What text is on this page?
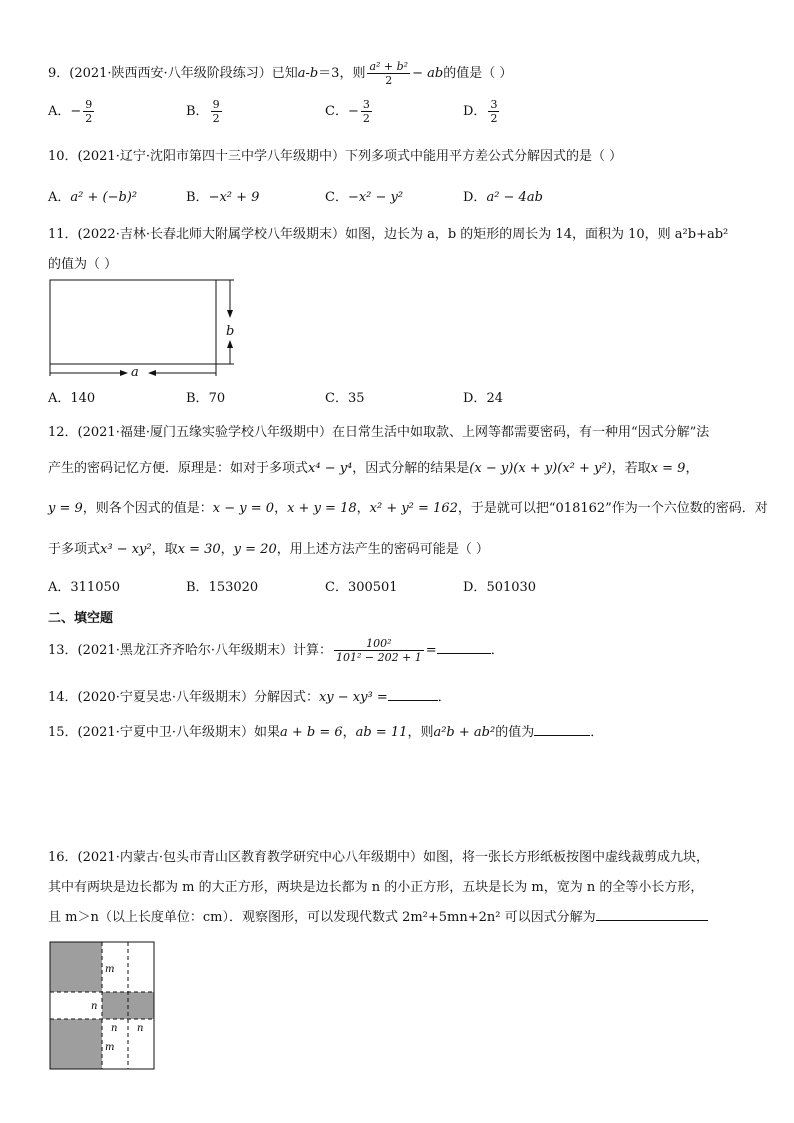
9．(2021·陕西西安·八年级阶段练习）已知a-b＝3，则 $\frac{\text{a² + b²}}{2}$ − ab的值是（ ）
A．− $\frac{9}{2}$	B． $\frac{9}{2}$	C．− $\frac{3}{2}$	D． $\frac{3}{2}$
10．(2021·辽宁·沈阳市第四十三中学八年级期中）下列多项式中能用平方差公式分解因式的是（ ）
A．a² + (−b)²	B．−x² + 9	C．−x² − y²	D．a² − 4ab
11．(2022·吉林·长春北师大附属学校八年级期末）如图，边长为 a，b 的矩形的周长为 14，面积为 10，则 a²b+ab²
的值为（ ）
b
a
A．140	B．70	C．35	D．24
12．(2021·福建·厦门五缘实验学校八年级期中）在日常生活中如取款、上网等都需要密码，有一种用“因式分解”法
产生的密码记忆方便．原理是：如对于多项式x⁴ − y⁴，因式分解的结果是(x − y)(x + y)(x² + y²)，若取x = 9，
y = 9，则各个因式的值是：x − y = 0，x + y = 18，x² + y² = 162，于是就可以把“018162”作为一个六位数的密码．对
于多项式x³ − xy²，取x = 30，y = 20，用上述方法产生的密码可能是（ ）
A．311050	B．153020	C．300501	D．501030
二、填空题
13．(2021·黑龙江齐齐哈尔·八年级期末）计算： $\frac{\text{100²}}{\text{101² − 202 + 1}}$ =	．
14．(2020·宁夏吴忠·八年级期末）分解因式：xy − xy³ =	．
15．(2021·宁夏中卫·八年级期末）如果a + b = 6，ab = 11，则a²b + ab²的值为	．
16．(2021·内蒙古·包头市青山区教育教学研究中心八年级期中）如图，将一张长方形纸板按图中虚线裁剪成九块，
其中有两块是边长都为 m 的大正方形，两块是边长都为 n 的小正方形，五块是长为 m，宽为 n 的全等小长方形，
且 m＞n（以上长度单位：cm）．观察图形，可以发现代数式 2m²+5mn+2n² 可以因式分解为
m
n
n n
m
